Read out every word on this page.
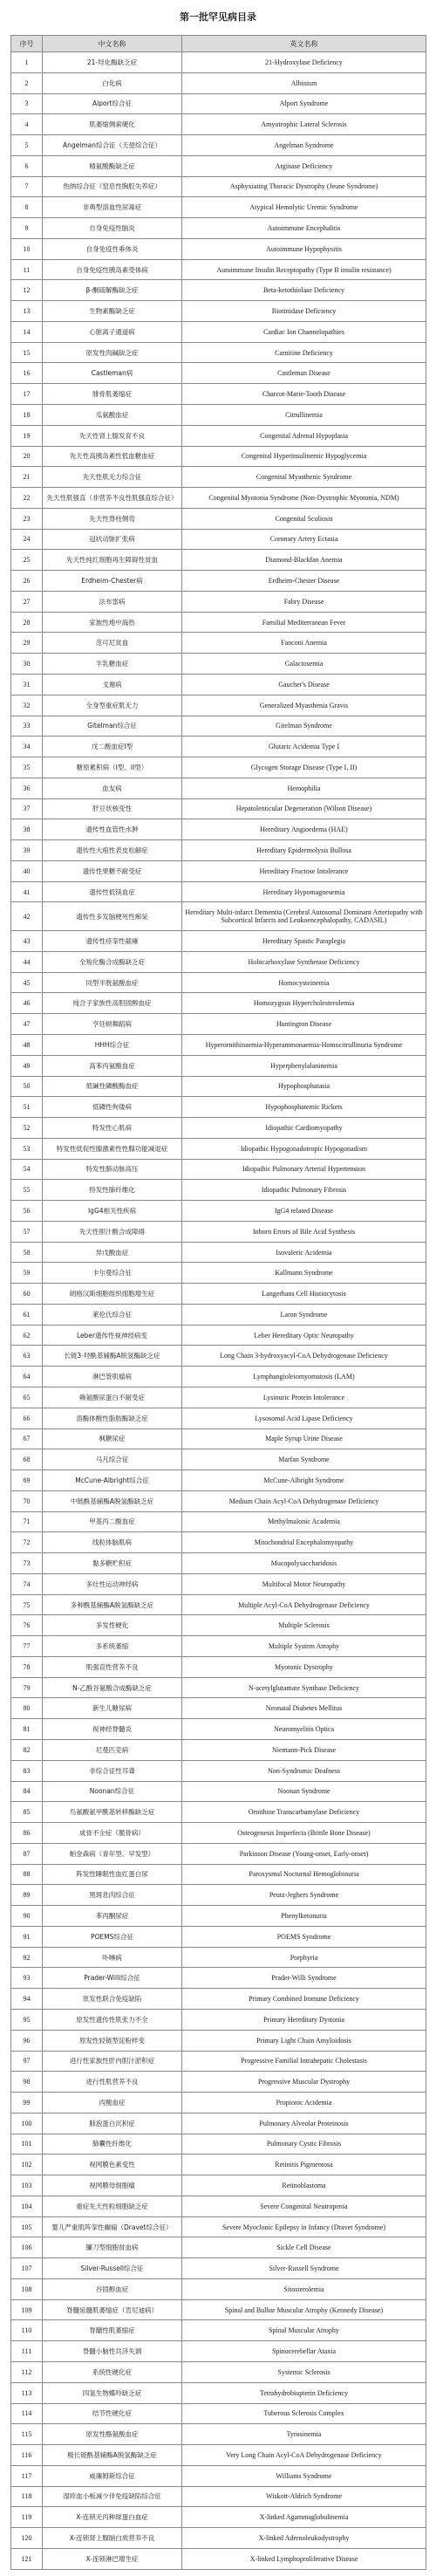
第一批罕见病目录
序号	中文名称	英文名称
1	21-羟化酶缺乏症	21-Hydroxylase Deficiency
2	白化病	Albinism
3	Alport综合征	Alport Syndrome
4	肌萎缩侧索硬化	Amyotrophic Lateral Sclerosis
5	Angelman综合征（天使综合征）	Angelman Syndrome
6	精氨酸酶缺乏症	Arginase Deficiency
7	热纳综合征（窒息性胸腔失养症）	Asphyxiating Thoracic Dystrophy (Jeune Syndrome)
8	非典型溶血性尿毒症	Atypical Hemolytic Uremic Syndrome
9	自身免疫性脑炎	Autoimmune Encephalitis
10	自身免疫性垂体炎	Autoimmune Hypophysitis
11	自身免疫性胰岛素受体病	Autoimmune Insulin Receptopathy (Type B insulin resistance)
12	β-酮硫解酶缺乏症	Beta-ketothiolase Deficiency
13	生物素酶缺乏症	Biotinidase Deficiency
14	心脏离子通道病	Cardiac Ion Channelopathies
15	原发性肉碱缺乏症	Carnitine Deficiency
16	Castleman病	Castleman Disease
17	腓骨肌萎缩症	Charcot-Marie-Tooth Disease
18	瓜氨酸血症	Citrullinemia
19	先天性肾上腺发育不良	Congenital Adrenal Hypoplasia
20	先天性高胰岛素性低血糖血症	Congenital Hyperinsulinemic Hypoglycemia
21	先天性肌无力综合征	Congenital Myasthenic Syndrome
22	先天性肌强直（非营养不良性肌强直综合征）	Congenital Myotonia Syndrome (Non-Dystrophic Myotonia, NDM)
23	先天性脊柱侧弯	Congenital Scoliosis
24	冠状动脉扩张病	Coronary Artery Ectasia
25	先天性纯红细胞再生障碍性贫血	Diamond-Blackfan Anemia
26	Erdheim-Chester病	Erdheim-Chester Disease
27	法布雷病	Fabry Disease
28	家族性地中海热	Familial Mediterranean Fever
29	范可尼贫血	Fanconi Anemia
30	半乳糖血症	Galactosemia
31	戈谢病	Gaucher's Disease
32	全身型重症肌无力	Generalized Myasthenia Gravis
33	Gitelman综合征	Gitelman Syndrome
34	戊二酸血症I型	Glutaric Acidemia Type I
35	糖原累积病（I型、II型）	Glycogen Storage Disease (Type I, II)
36	血友病	Hemophilia
37	肝豆状核变性	Hepatolenticular Degeneration (Wilson Disease)
38	遗传性血管性水肿	Hereditary Angioedema (HAE)
39	遗传性大疱性表皮松解症	Hereditary Epidermolysis Bullosa
40	遗传性果糖不耐受症	Hereditary Fructose Intolerance
41	遗传性低镁血症	Hereditary Hypomagnesemia
42	遗传性多发脑梗死性痴呆	Hereditary Multi-infarct Dementia (Cerebral Autosomal Dominant Arteriopathy with Subcortical Infarcts and Leukoencephalopathy, CADASIL)
43	遗传性痉挛性截瘫	Hereditary Spastic Paraplegia
44	全羧化酶合成酶缺乏症	Holocarboxylase Synthetase Deficiency
45	同型半胱氨酸血症	Homocysteinemia
46	纯合子家族性高胆固醇血症	Homozygous Hypercholesterolemia
47	亨廷顿舞蹈病	Huntington Disease
48	HHH综合征	Hyperornithinaemia-Hyperammonaemia-Homocitrullinuria Syndrome
49	高苯丙氨酸血症	Hyperphenylalaninemia
50	低碱性磷酸酶血症	Hypophosphatasia
51	低磷性佝偻病	Hypophosphatemic Rickets
52	特发性心肌病	Idiopathic Cardiomyopathy
53	特发性低促性腺激素性性腺功能减退症	Idiopathic Hypogonadotropic Hypogonadism
54	特发性肺动脉高压	Idiopathic Pulmonary Arterial Hypertension
55	特发性肺纤维化	Idiopathic Pulmonary Fibrosis
56	IgG4相关性疾病	IgG4 related Disease
57	先天性胆汁酸合成障碍	Inborn Errors of Bile Acid Synthesis
58	异戊酸血症	Isovaleric Acidemia
59	卡尔曼综合征	Kallmann Syndrome
60	朗格汉斯细胞组织细胞增生症	Langerhans Cell Histiocytosis
61	莱伦氏综合征	Laron Syndrome
62	Leber遗传性视神经病变	Leber Hereditary Optic Neuropathy
63	长链3-羟酰基辅酶A脱氢酶缺乏症	Long Chain 3-hydroxyacyl-CoA Dehydrogenase Deficiency
64	淋巴管肌瘤病	Lymphangioleiomyomatosis (LAM)
65	赖氨酸尿蛋白不耐受症	Lysinuric Protein Intolerance
66	溶酶体酸性脂肪酶缺乏症	Lysosomal Acid Lipase Deficiency
67	枫糖尿症	Maple Syrup Urine Disease
68	马凡综合征	Marfan Syndrome
69	McCune-Albright综合征	McCune-Albright Syndrome
70	中链酰基辅酶A脱氢酶缺乏症	Medium Chain Acyl-CoA Dehydrogenase Deficiency
71	甲基丙二酸血症	Methylmalonic Academia
72	线粒体脑肌病	Mitochondrial Encephalomyopathy
73	黏多糖贮积症	Mucopolysaccharidosis
74	多灶性运动神经病	Multifocal Motor Neuropathy
75	多种酰基辅酶A脱氢酶缺乏症	Multiple Acyl-CoA Dehydrogenase Deficiency
76	多发性硬化	Multiple Sclerosis
77	多系统萎缩	Multiple System Atrophy
78	肌强直性营养不良	Myotonic Dystrophy
79	N-乙酰谷氨酸合成酶缺乏症	N-acetylglutamate Synthase Deficiency
80	新生儿糖尿病	Neonatal Diabetes Mellitus
81	视神经脊髓炎	Neuromyelitis Optica
82	尼曼匹克病	Niemann-Pick Disease
83	非综合征性耳聋	Non-Syndromic Deafness
84	Noonan综合征	Noonan Syndrome
85	鸟氨酸氨甲酰基转移酶缺乏症	Ornithine Transcarbamylase Deficiency
86	成骨不全症（脆骨病）	Osteogenesis Imperfecta (Brittle Bone Disease)
87	帕金森病（青年型、早发型）	Parkinson Disease (Young-onset, Early-onset)
88	阵发性睡眠性血红蛋白尿	Paroxysmal Nocturnal Hemoglobinuria
89	黑斑息肉综合征	Peutz-Jeghers Syndrome
90	苯丙酮尿症	Phenylketonuria
91	POEMS综合征	POEMS Syndrome
92	卟啉病	Porphyria
93	Prader-Willi综合征	Prader-Willi Syndrome
94	原发性联合免疫缺陷	Primary Combined Immune Deficiency
95	原发性遗传性肌张力不全	Primary Hereditary Dystonia
96	原发性轻链型淀粉样变	Primary Light Chain Amyloidosis
97	进行性家族性肝内胆汁淤积症	Progressive Familial Intrahepatic Cholestasis
98	进行性肌营养不良	Progressive Muscular Dystrophy
99	丙酸血症	Propionic Acidemia
100	肺泡蛋白沉积症	Pulmonary Alveolar Proteinosis
101	肺囊性纤维化	Pulmonary Cystic Fibrosis
102	视网膜色素变性	Retinitis Pigmentosa
103	视网膜母细胞瘤	Retinoblastoma
104	重症先天性粒细胞缺乏症	Severe Congenital Neutropenia
105	婴儿严重肌阵挛性癫痫（Dravet综合征）	Severe Myoclonic Epilepsy in Infancy (Dravet Syndrome)
106	镰刀型细胞贫血病	Sickle Cell Disease
107	Silver-Russell综合征	Silver-Russell Syndrome
108	谷固醇血症	Sitosterolemia
109	脊髓延髓肌萎缩症（肯尼迪病）	Spinal and Bulbar Muscular Atrophy (Kennedy Disease)
110	脊髓性肌萎缩症	Spinal Muscular Atrophy
111	脊髓小脑性共济失调	Spinocerebellar Ataxia
112	系统性硬化症	Systemic Sclerosis
113	四氢生物蝶呤缺乏症	Tetrahydrobiopterin Deficiency
114	结节性硬化症	Tuberous Sclerosis Complex
115	原发性酪氨酸血症	Tyrosinemia
116	极长链酰基辅酶A脱氢酶缺乏症	Very Long Chain Acyl-CoA Dehydrogenase Deficiency
117	威廉姆斯综合征	Williams Syndrome
118	湿疹血小板减少伴免疫缺陷综合征	Wiskott-Aldrich Syndrome
119	X-连锁无丙种球蛋白血症	X-linked Agammaglobulinemia
120	X-连锁肾上腺脑白质营养不良	X-linked Adrenoleukodystrophy
121	X-连锁淋巴增生症	X-linked Lymphoproliferative Disease
